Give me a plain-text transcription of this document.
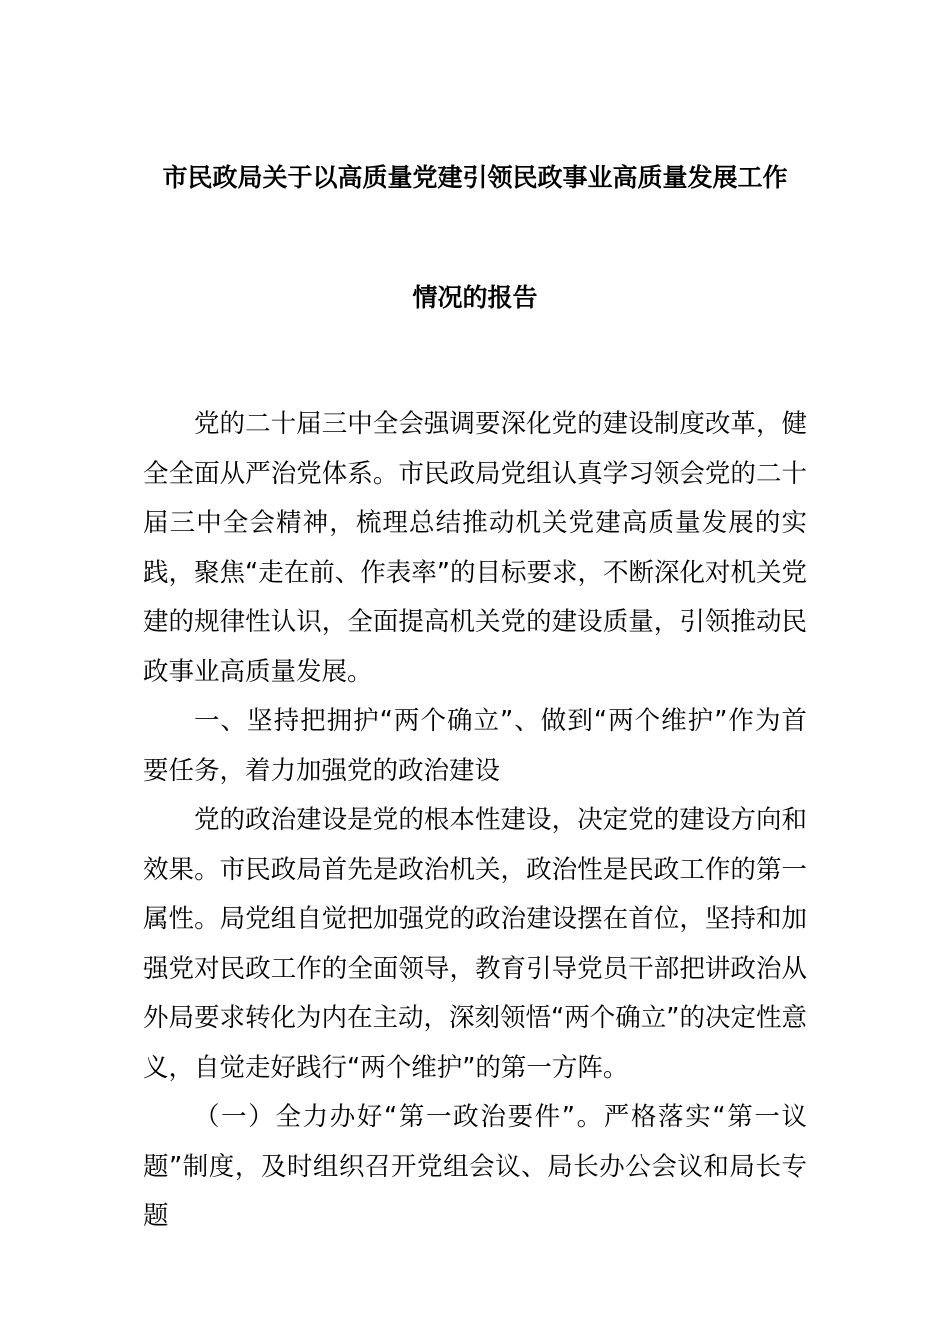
市民政局关于以高质量党建引领民政事业高质量发展工作
情况的报告

党的二十届三中全会强调要深化党的建设制度改革，健全全面从严治党体系。市民政局党组认真学习领会党的二十届三中全会精神，梳理总结推动机关党建高质量发展的实践，聚焦“走在前、作表率”的目标要求，不断深化对机关党建的规律性认识，全面提高机关党的建设质量，引领推动民政事业高质量发展。

一、坚持把拥护“两个确立”、做到“两个维护”作为首要任务，着力加强党的政治建设

党的政治建设是党的根本性建设，决定党的建设方向和效果。市民政局首先是政治机关，政治性是民政工作的第一属性。局党组自觉把加强党的政治建设摆在首位，坚持和加强党对民政工作的全面领导，教育引导党员干部把讲政治从外局要求转化为内在主动，深刻领悟“两个确立”的决定性意义，自觉走好践行“两个维护”的第一方阵。

（一）全力办好“第一政治要件”。严格落实“第一议题”制度，及时组织召开党组会议、局长办公会议和局长专题
